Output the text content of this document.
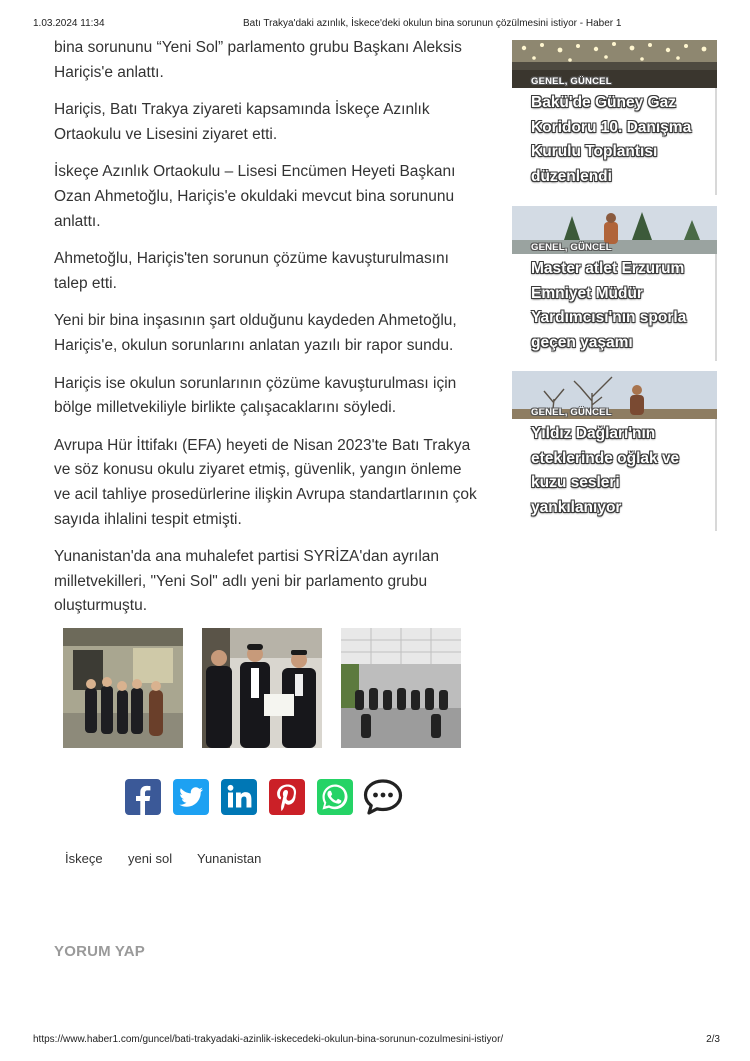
1.03.2024 11:34	Batı Trakya'daki azınlık, İskece'deki okulun bina sorunun çözülmesini istiyor - Haber 1

bina sorununu “Yeni Sol” parlamento grubu Başkanı Aleksis Hariçis'e anlattı.

Hariçis, Batı Trakya ziyareti kapsamında İskeçe Azınlık Ortaokulu ve Lisesini ziyaret etti.

İskeçe Azınlık Ortaokulu – Lisesi Encümen Heyeti Başkanı Ozan Ahmetoğlu, Hariçis'e okuldaki mevcut bina sorununu anlattı.

Ahmetoğlu, Hariçis'ten sorunun çözüme kavuşturulmasını talep etti.

Yeni bir bina inşasının şart olduğunu kaydeden Ahmetoğlu, Hariçis'e, okulun sorunlarını anlatan yazılı bir rapor sundu.

Hariçis ise okulun sorunlarının çözüme kavuşturulması için bölge milletvekiliyle birlikte çalışacaklarını söyledi.

Avrupa Hür İttifakı (EFA) heyeti de Nisan 2023'te Batı Trakya ve söz konusu okulu ziyaret etmiş, güvenlik, yangın önleme ve acil tahliye prosedürlerine ilişkin Avrupa standartlarının çok sayıda ihlalini tespit etmişti.

Yunanistan'da ana muhalefet partisi SYRİZA'dan ayrılan milletvekilleri, "Yeni Sol" adlı yeni bir parlamento grubu oluşturmuştu.

İskeçe yeni sol Yunanistan
YORUM YAP
GENEL, GÜNCEL
Bakü'de Güney Gaz Koridoru 10. Danışma Kurulu Toplantısı düzenlendi
GENEL, GÜNCEL
Master atlet Erzurum Emniyet Müdür Yardımcısı'nın sporla geçen yaşamı
GENEL, GÜNCEL
Yıldız Dağları'nın eteklerinde oğlak ve kuzu sesleri yankılanıyor
https://www.haber1.com/guncel/bati-trakyadaki-azinlik-iskecedeki-okulun-bina-sorunun-cozulmesini-istiyor/	2/3
